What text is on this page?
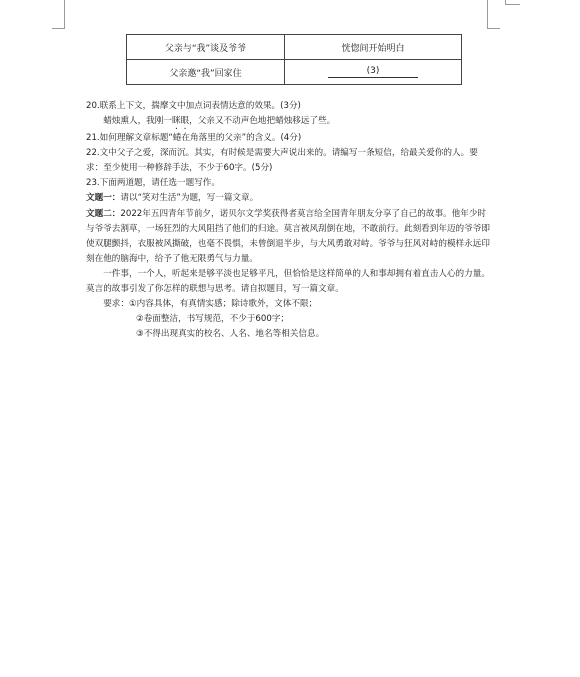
父亲与“我”谈及爷爷	恍惚间开始明白
父亲邀“我”回家住	(3)

20.联系上下文，揣摩文中加点词表情达意的效果。(3分)

蜡烛熏人，我刚一眯眼，父亲又不动声色地把蜡烛移远了些。

21.如何理解文章标题“蜷在角落里的父亲”的含义。(4分)

22.文中父子之爱，深而沉。其实，有时候是需要大声说出来的。请编写一条短信，给最关爱你的人。要求：至少使用一种修辞手法，不少于60字。(5分)

23.下面两道题，请任选一题写作。

文题一：请以“笑对生活”为题，写一篇文章。

文题二：2022年五四青年节前夕，诺贝尔文学奖获得者莫言给全国青年朋友分享了自己的故事。他年少时与爷爷去割草，一场狂烈的大风阻挡了他们的归途。莫言被风刮倒在地，不敢前行。此刻看到年迈的爷爷即使双腿颤抖，衣服被风撕破，也毫不畏惧，未曾倒退半步，与大风勇敢对峙。爷爷与狂风对峙的模样永远印刻在他的脑海中，给予了他无限勇气与力量。

一件事，一个人，听起来是够平淡也足够平凡，但恰恰是这样简单的人和事却拥有着直击人心的力量。莫言的故事引发了你怎样的联想与思考。请自拟题目，写一篇文章。

要求：①内容具体，有真情实感；除诗歌外，文体不限；

②卷面整洁，书写规范，不少于600字；

③不得出现真实的校名、人名、地名等相关信息。
